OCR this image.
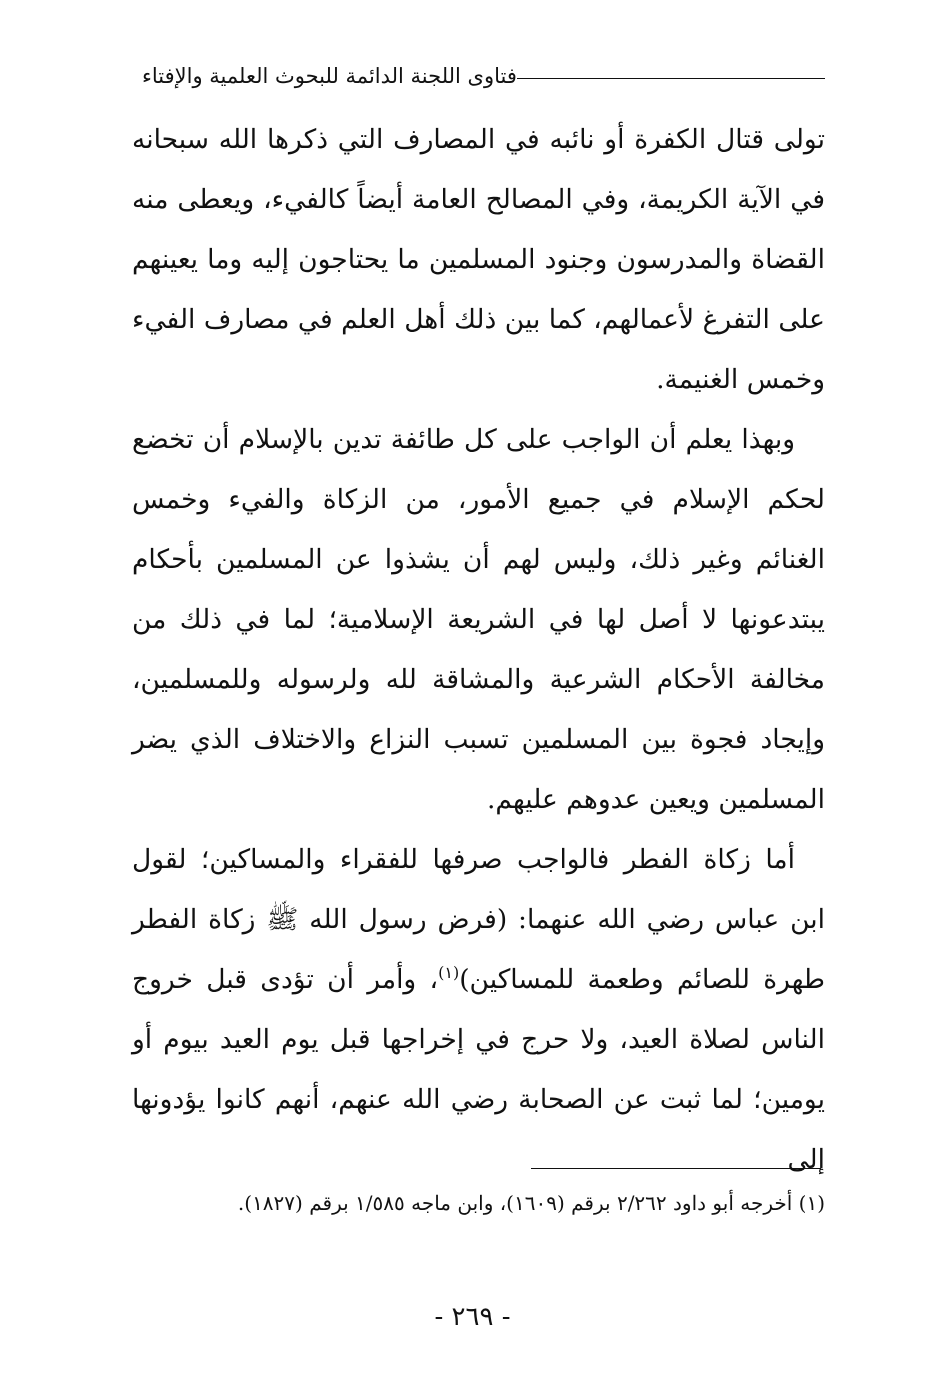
فتاوى اللجنة الدائمة للبحوث العلمية والإفتاء

تولى قتال الكفرة أو نائبه في المصارف التي ذكرها الله سبحانه في الآية الكريمة، وفي المصالح العامة أيضاً كالفيء، ويعطى منه القضاة والمدرسون وجنود المسلمين ما يحتاجون إليه وما يعينهم على التفرغ لأعمالهم، كما بين ذلك أهل العلم في مصارف الفيء وخمس الغنيمة.

وبهذا يعلم أن الواجب على كل طائفة تدين بالإسلام أن تخضع لحكم الإسلام في جميع الأمور، من الزكاة والفيء وخمس الغنائم وغير ذلك، وليس لهم أن يشذوا عن المسلمين بأحكام يبتدعونها لا أصل لها في الشريعة الإسلامية؛ لما في ذلك من مخالفة الأحكام الشرعية والمشاقة لله ولرسوله وللمسلمين، وإيجاد فجوة بين المسلمين تسبب النزاع والاختلاف الذي يضر المسلمين ويعين عدوهم عليهم.

أما زكاة الفطر فالواجب صرفها للفقراء والمساكين؛ لقول ابن عباس رضي الله عنهما: (فرض رسول الله ﷺ زكاة الفطر طهرة للصائم وطعمة للمساكين)$^{(١)}$، وأمر أن تؤدى قبل خروج الناس لصلاة العيد، ولا حرج في إخراجها قبل يوم العيد بيوم أو يومين؛ لما ثبت عن الصحابة رضي الله عنهم، أنهم كانوا يؤدونها إلى

(١) أخرجه أبو داود ٢/٢٦٢ برقم (١٦٠٩)، وابن ماجه ١/٥٨٥ برقم (١٨٢٧).

- ٢٦٩ -
